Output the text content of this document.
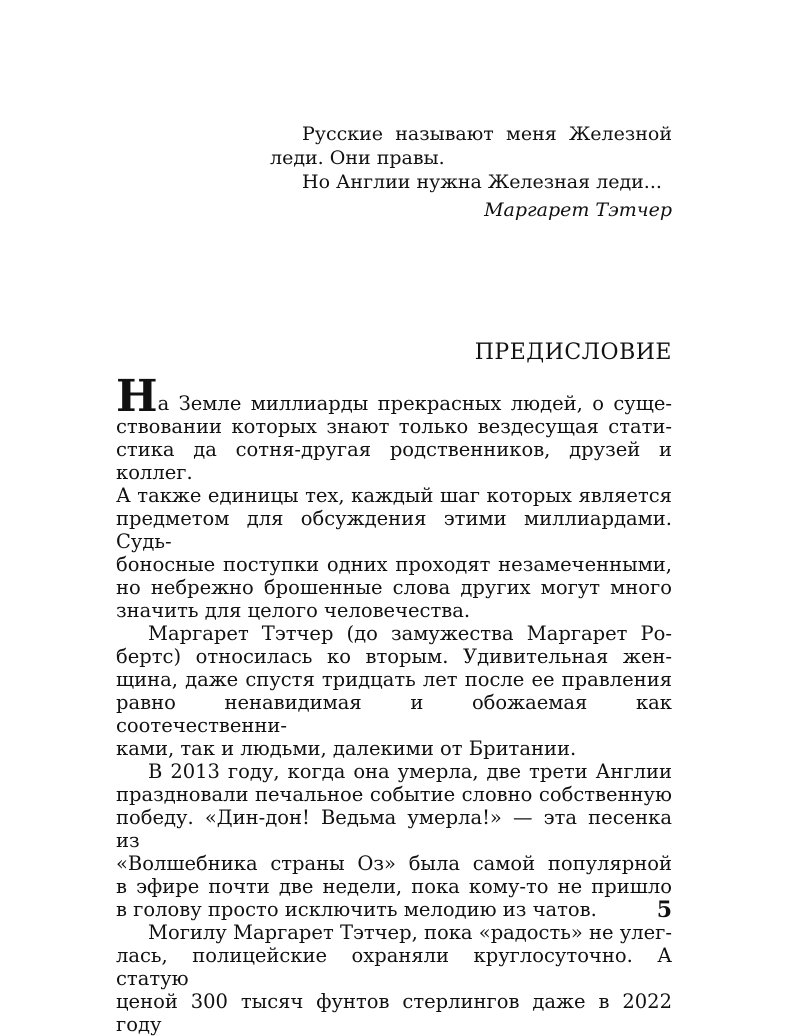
Русские называют меня Железной
леди. Они правы.
Но Англии нужна Железная леди...
Маргарет Тэтчер
ПРЕДИСЛОВИЕ
На Земле миллиарды прекрасных людей, о суще-
ствовании которых знают только вездесущая стати-
стика да сотня-другая родственников, друзей и коллег.
А также единицы тех, каждый шаг которых является
предметом для обсуждения этими миллиардами. Судь-
боносные поступки одних проходят незамеченными,
но небрежно брошенные слова других могут много
значить для целого человечества.
Маргарет Тэтчер (до замужества Маргарет Ро-
бертс) относилась ко вторым. Удивительная жен-
щина, даже спустя тридцать лет после ее правления
равно ненавидимая и обожаемая как соотечественни-
ками, так и людьми, далекими от Британии.
В 2013 году, когда она умерла, две трети Англии
праздновали печальное событие словно собственную
победу. «Дин-дон! Ведьма умерла!» — эта песенка из
«Волшебника страны Оз» была самой популярной
в эфире почти две недели, пока кому-то не пришло
в голову просто исключить мелодию из чатов.
Могилу Маргарет Тэтчер, пока «радость» не улег-
лась, полицейские охраняли круглосуточно. А статую
ценой 300 тысяч фунтов стерлингов даже в 2022 году
5
